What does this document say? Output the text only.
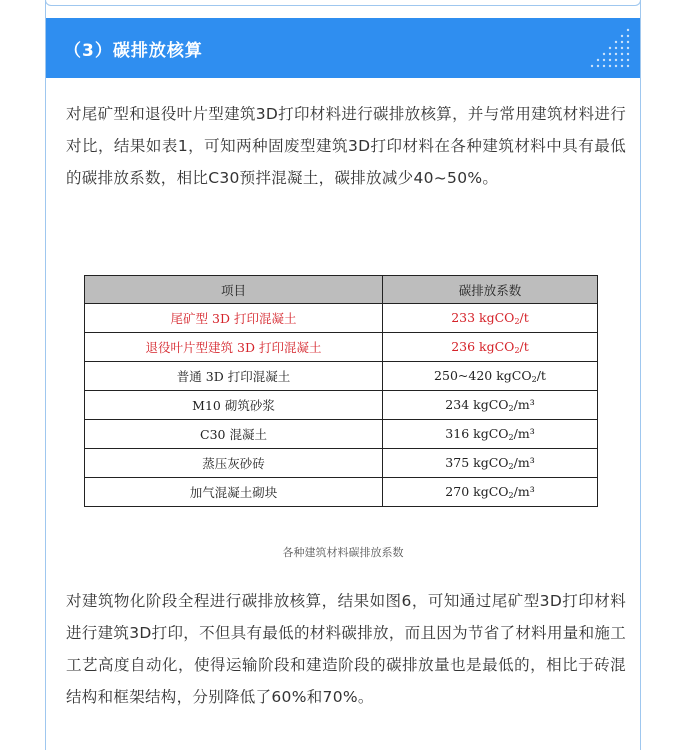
（3）碳排放核算
对尾矿型和退役叶片型建筑3D打印材料进行碳排放核算，并与常用建筑材料进行对比，结果如表1，可知两种固废型建筑3D打印材料在各种建筑材料中具有最低的碳排放系数，相比C30预拌混凝土，碳排放减少40~50%。
项目	碳排放系数
尾矿型 3D 打印混凝土	233 kgCO$_2$/t
退役叶片型建筑 3D 打印混凝土	236 kgCO$_2$/t
普通 3D 打印混凝土	250~420 kgCO$_2$/t
M10 砌筑砂浆	234 kgCO$_2$/m³
C30 混凝土	316 kgCO$_2$/m³
蒸压灰砂砖	375 kgCO$_2$/m³
加气混凝土砌块	270 kgCO$_2$/m³
各种建筑材料碳排放系数
对建筑物化阶段全程进行碳排放核算，结果如图6，可知通过尾矿型3D打印材料进行建筑3D打印，不但具有最低的材料碳排放，而且因为节省了材料用量和施工工艺高度自动化，使得运输阶段和建造阶段的碳排放量也是最低的，相比于砖混结构和框架结构，分别降低了60%和70%。
